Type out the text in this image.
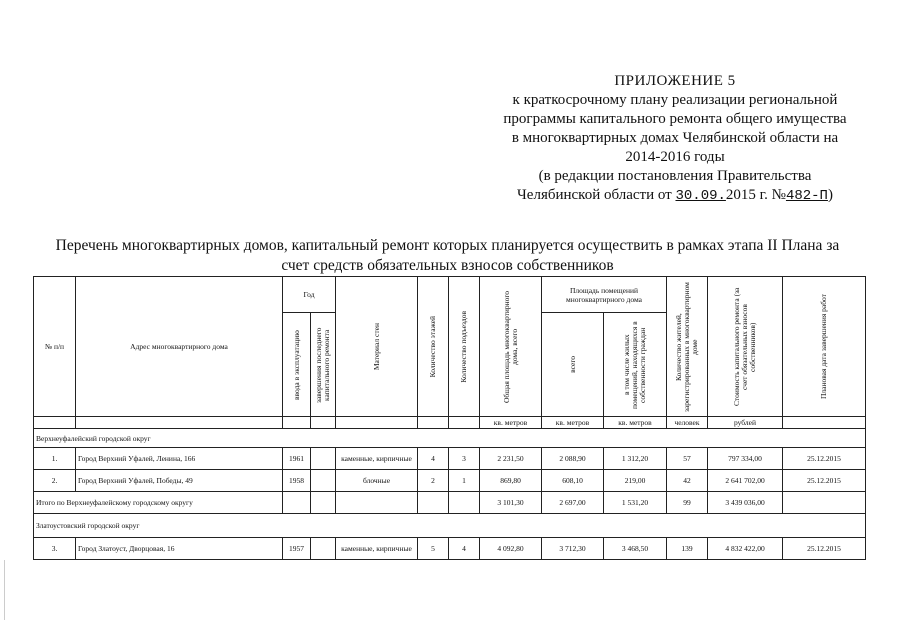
ПРИЛОЖЕНИЕ 5
к краткосрочному плану реализации региональной
программы капитального ремонта общего имущества
в многоквартирных домах Челябинской области на
2014-2016 годы
(в редакции постановления Правительства
Челябинской области от 30.09.2015 г. №482-П)
Перечень многоквартирных домов, капитальный ремонт которых планируется осуществить в рамках этапа II Плана за
счет средств обязательных взносов собственников
№ п/п	Адрес многоквартирного дома	Год		Материал стен	Количество этажей	Количество подъездов	Общая площадь многоквартирного дома, всего	Площадь помещений многоквартирного дома		Количество жителей, зарегистрированных в многоквартирном доме	Стоимость капитального ремонта (за счет обязательных взносов собственников)	Плановая дата завершения работ

		ввода в эксплуатацию	завершения последнего капитального ремонта					всего	в том числе жилых помещений, находящихся в собственности граждан			

							кв. метров	кв. метров	кв. метров	человек	рублей	
Верхнеуфалейский городской округ												
1.	Город Верхний Уфалей, Ленина, 166	1961		каменные, кирпичные	4	3	2 231,50	2 088,90	1 312,20	57	797 334,00	25.12.2015
2.	Город Верхний Уфалей, Победы, 49	1958		блочные	2	1	869,80	608,10	219,00	42	2 641 702,00	25.12.2015
Итого по Верхнеуфалейскому городскому округу							3 101,30	2 697,00	1 531,20	99	3 439 036,00	
Златоустовский городской округ												
3.	Город Златоуст, Дворцовая, 16	1957		каменные, кирпичные	5	4	4 092,80	3 712,30	3 468,50	139	4 832 422,00	25.12.2015
